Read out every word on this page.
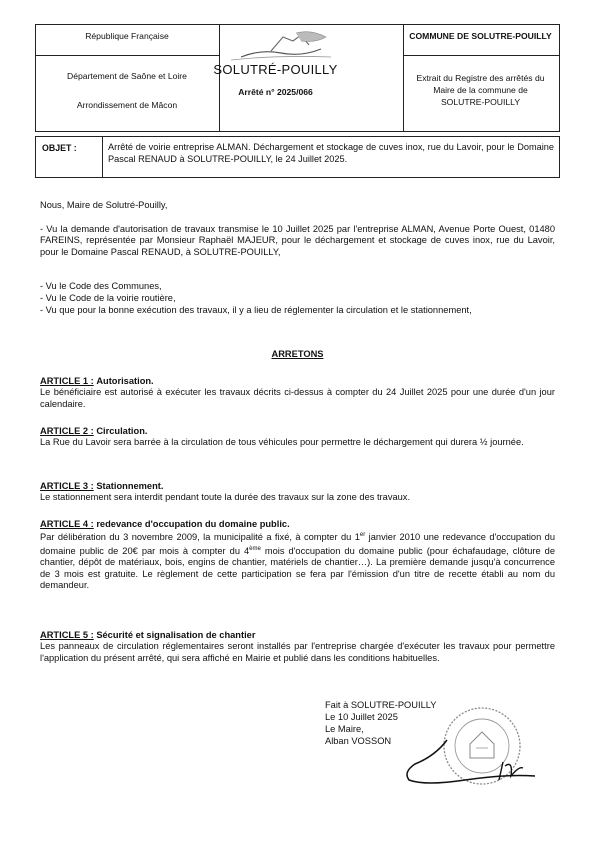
République Française
Département de Saône et Loire
Arrondissement de Mâcon
SOLUTRÉ-POUILLY
Arrêté n° 2025/066
COMMUNE DE SOLUTRE-POUILLY
Extrait du Registre des arrêtés du
Maire de la commune de
SOLUTRE-POUILLY
OBJET :	Arrêté de voirie entreprise ALMAN. Déchargement et stockage de cuves inox, rue du Lavoir, pour le Domaine Pascal RENAUD à SOLUTRE-POUILLY, le 24 Juillet 2025.
Nous, Maire de Solutré-Pouilly,
- Vu la demande d'autorisation de travaux transmise le 10 Juillet 2025 par l'entreprise ALMAN, Avenue Porte Ouest, 01480 FAREINS, représentée par Monsieur Raphaël MAJEUR, pour le déchargement et stockage de cuves inox, rue du Lavoir, pour le Domaine Pascal RENAUD, à SOLUTRE-POUILLY,
- Vu le Code des Communes,
- Vu le Code de la voirie routière,
- Vu que pour la bonne exécution des travaux, il y a lieu de réglementer la circulation et le stationnement,
ARRETONS
ARTICLE 1 : Autorisation.
Le bénéficiaire est autorisé à exécuter les travaux décrits ci-dessus à compter du 24 Juillet 2025 pour une durée d'un jour calendaire.
ARTICLE 2 : Circulation.
La Rue du Lavoir sera barrée à la circulation de tous véhicules pour permettre le déchargement qui durera ½ journée.
ARTICLE 3 : Stationnement.
Le stationnement sera interdit pendant toute la durée des travaux sur la zone des travaux.
ARTICLE 4 : redevance d'occupation du domaine public.
Par délibération du 3 novembre 2009, la municipalité a fixé, à compter du 1er janvier 2010 une redevance d'occupation du domaine public de 20€ par mois à compter du 4ème mois d'occupation du domaine public (pour échafaudage, clôture de chantier, dépôt de matériaux, bois, engins de chantier, matériels de chantier…). La première demande jusqu'à concurrence de 3 mois est gratuite. Le règlement de cette participation se fera par l'émission d'un titre de recette établi au nom du demandeur.
ARTICLE 5 : Sécurité et signalisation de chantier
Les panneaux de circulation réglementaires seront installés par l'entreprise chargée d'exécuter les travaux pour permettre l'application du présent arrêté, qui sera affiché en Mairie et publié dans les conditions habituelles.
Fait à SOLUTRE-POUILLY
Le 10 Juillet 2025
Le Maire,
Alban VOSSON
